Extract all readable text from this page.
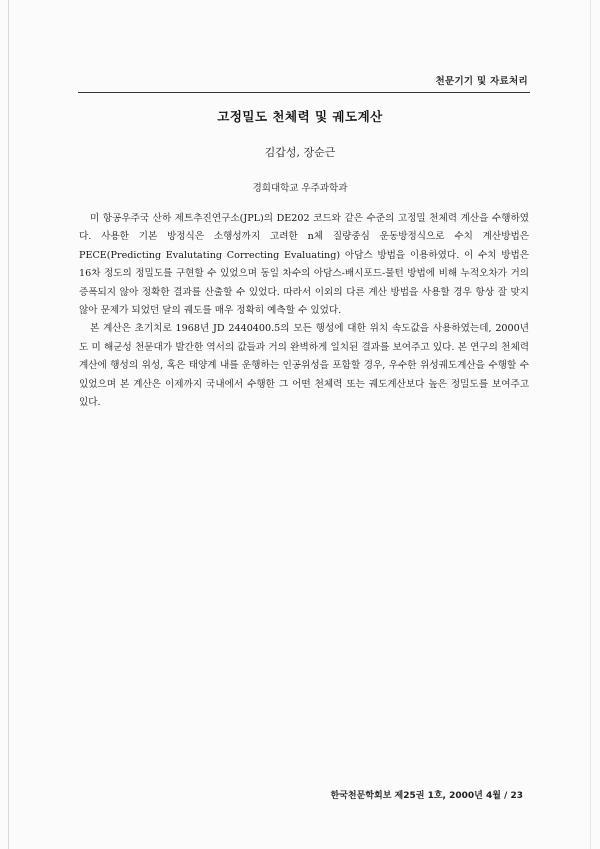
천문기기 및 자료처리
고정밀도 천체력 및 궤도계산
김갑성, 장순근
경희대학교 우주과학과

미 항공우주국 산하 제트추진연구소(JPL)의 DE202 코드와 같은 수준의 고정밀 천체력 계산을 수행하였다. 사용한 기본 방정식은 소행성까지 고려한 n체 질량중심 운동방정식으로 수치 계산방법은 PECE(Predicting Evalutating Correcting Evaluating) 아담스 방법을 이용하였다. 이 수치 방법은 16차 정도의 정밀도를 구현할 수 있었으며 동일 차수의 아담스-배시포드-물턴 방법에 비해 누적오차가 거의 증폭되지 않아 정확한 결과를 산출할 수 있었다. 따라서 이외의 다른 계산 방법을 사용할 경우 항상 잘 맞지 않아 문제가 되었던 달의 궤도를 매우 정확히 예측할 수 있었다.

본 계산은 초기치로 1968년 JD 2440400.5의 모든 행성에 대한 위치 속도값을 사용하였는데, 2000년도 미 해군성 천문대가 발간한 역서의 값들과 거의 완벽하게 일치된 결과를 보여주고 있다. 본 연구의 천체력 계산에 행성의 위성, 혹은 태양계 내를 운행하는 인공위성을 포함할 경우, 우수한 위성궤도계산을 수행할 수 있었으며 본 계산은 이제까지 국내에서 수행한 그 어떤 천체력 또는 궤도계산보다 높은 정밀도를 보여주고 있다.

한국천문학회보 제25권 1호, 2000년 4월 / 23
